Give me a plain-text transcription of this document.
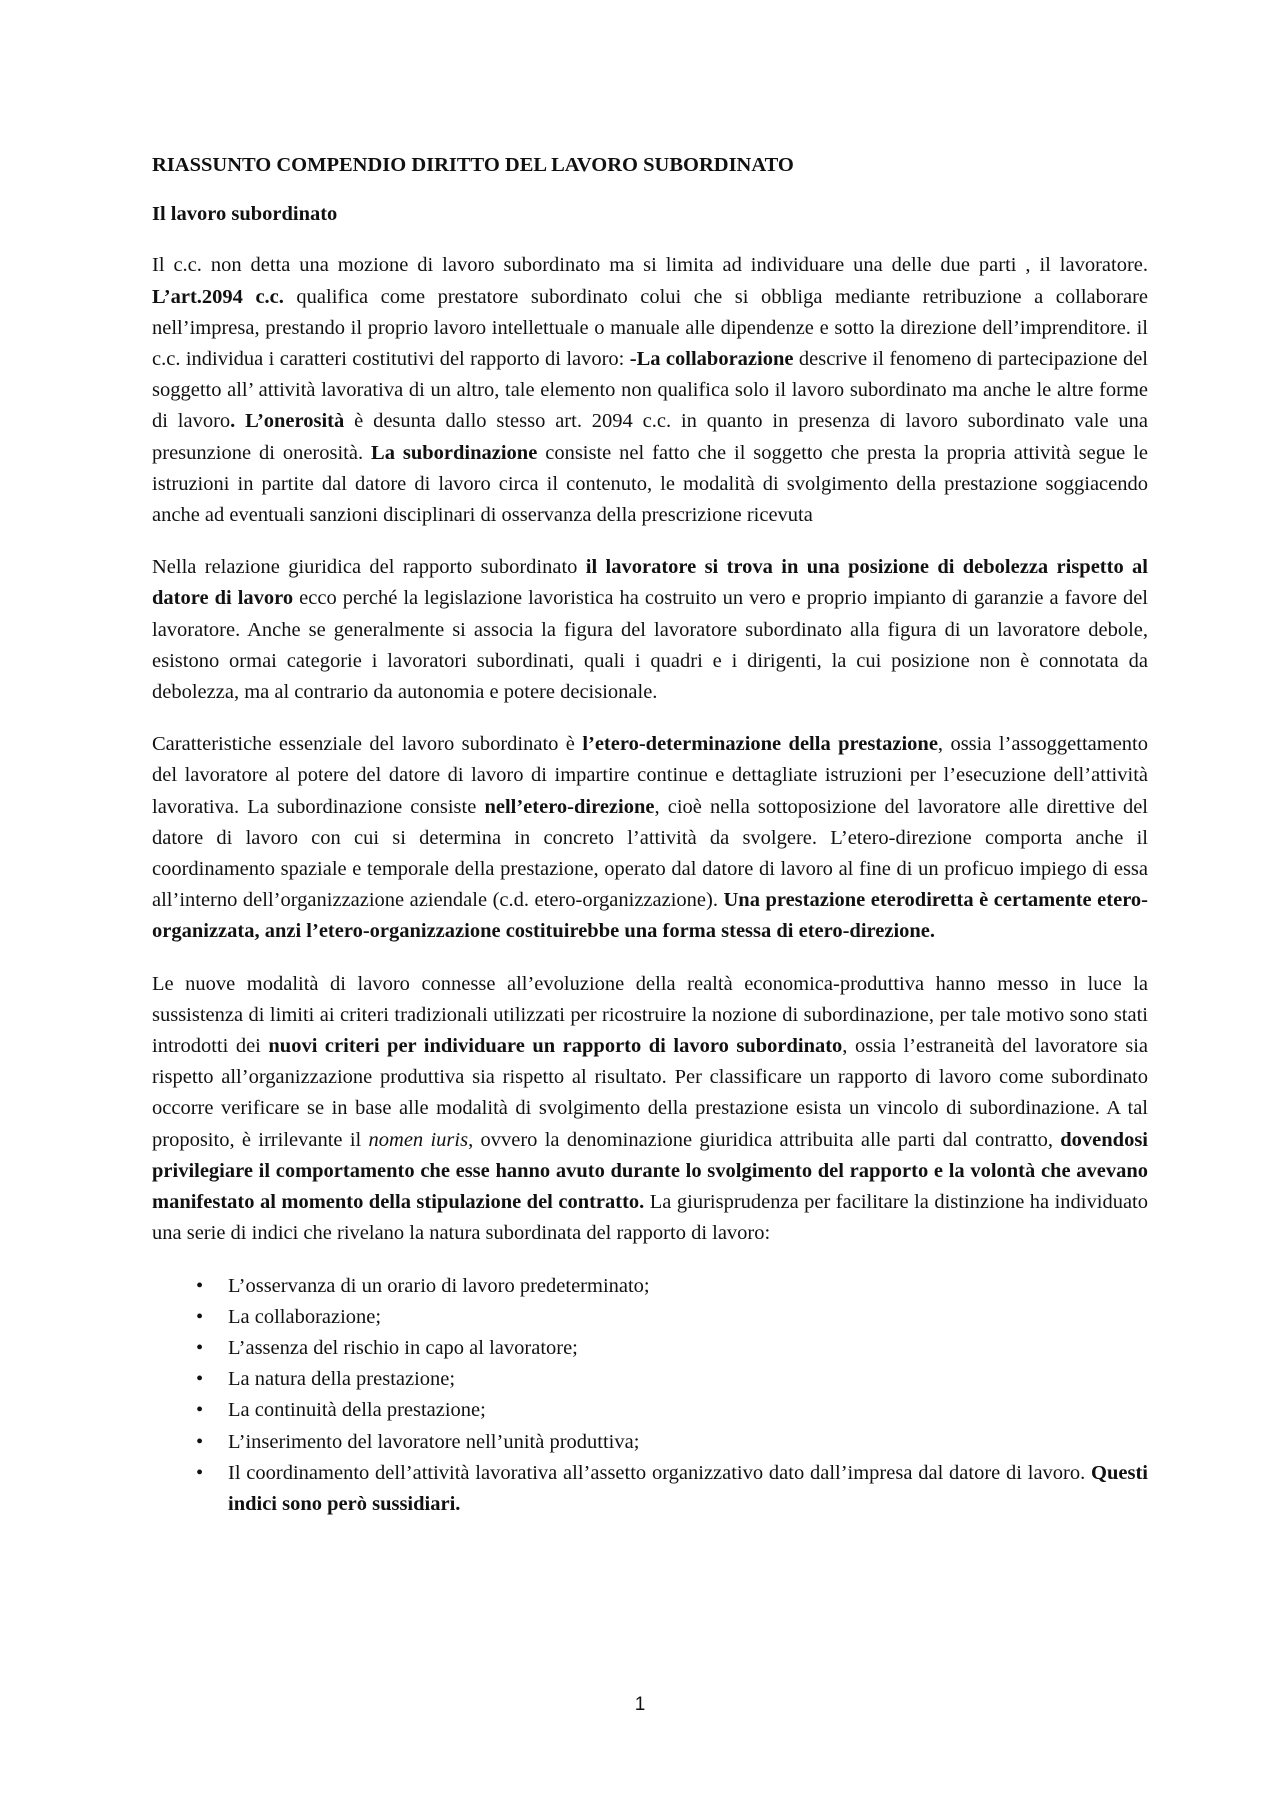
RIASSUNTO COMPENDIO DIRITTO DEL LAVORO SUBORDINATO
Il lavoro subordinato

Il c.c. non detta una mozione di lavoro subordinato ma si limita ad individuare una delle due parti , il lavoratore. L’art.2094 c.c. qualifica come prestatore subordinato colui che si obbliga mediante retribuzione a collaborare nell’impresa, prestando il proprio lavoro intellettuale o manuale alle dipendenze e sotto la direzione dell’imprenditore. il c.c. individua i caratteri costitutivi del rapporto di lavoro: -La collaborazione descrive il fenomeno di partecipazione del soggetto all’ attività lavorativa di un altro, tale elemento non qualifica solo il lavoro subordinato ma anche le altre forme di lavoro. L’onerosità è desunta dallo stesso art. 2094 c.c. in quanto in presenza di lavoro subordinato vale una presunzione di onerosità. La subordinazione consiste nel fatto che il soggetto che presta la propria attività segue le istruzioni in partite dal datore di lavoro circa il contenuto, le modalità di svolgimento della prestazione soggiacendo anche ad eventuali sanzioni disciplinari di osservanza della prescrizione ricevuta

Nella relazione giuridica del rapporto subordinato il lavoratore si trova in una posizione di debolezza rispetto al datore di lavoro ecco perché la legislazione lavoristica ha costruito un vero e proprio impianto di garanzie a favore del lavoratore. Anche se generalmente si associa la figura del lavoratore subordinato alla figura di un lavoratore debole, esistono ormai categorie i lavoratori subordinati, quali i quadri e i dirigenti, la cui posizione non è connotata da debolezza, ma al contrario da autonomia e potere decisionale.

Caratteristiche essenziale del lavoro subordinato è l’etero-determinazione della prestazione, ossia l’assoggettamento del lavoratore al potere del datore di lavoro di impartire continue e dettagliate istruzioni per l’esecuzione dell’attività lavorativa. La subordinazione consiste nell’etero-direzione, cioè nella sottoposizione del lavoratore alle direttive del datore di lavoro con cui si determina in concreto l’attività da svolgere. L’etero-direzione comporta anche il coordinamento spaziale e temporale della prestazione, operato dal datore di lavoro al fine di un proficuo impiego di essa all’interno dell’organizzazione aziendale (c.d. etero-organizzazione). Una prestazione eterodiretta è certamente etero-organizzata, anzi l’etero-organizzazione costituirebbe una forma stessa di etero-direzione.

Le nuove modalità di lavoro connesse all’evoluzione della realtà economica-produttiva hanno messo in luce la sussistenza di limiti ai criteri tradizionali utilizzati per ricostruire la nozione di subordinazione, per tale motivo sono stati introdotti dei nuovi criteri per individuare un rapporto di lavoro subordinato, ossia l’estraneità del lavoratore sia rispetto all’organizzazione produttiva sia rispetto al risultato. Per classificare un rapporto di lavoro come subordinato occorre verificare se in base alle modalità di svolgimento della prestazione esista un vincolo di subordinazione. A tal proposito, è irrilevante il nomen iuris, ovvero la denominazione giuridica attribuita alle parti dal contratto, dovendosi privilegiare il comportamento che esse hanno avuto durante lo svolgimento del rapporto e la volontà che avevano manifestato al momento della stipulazione del contratto. La giurisprudenza per facilitare la distinzione ha individuato una serie di indici che rivelano la natura subordinata del rapporto di lavoro:

• L’osservanza di un orario di lavoro predeterminato;
• La collaborazione;
• L’assenza del rischio in capo al lavoratore;
• La natura della prestazione;
• La continuità della prestazione;
• L’inserimento del lavoratore nell’unità produttiva;
• Il coordinamento dell’attività lavorativa all’assetto organizzativo dato dall’impresa dal datore di lavoro. Questi indici sono però sussidiari.
1
